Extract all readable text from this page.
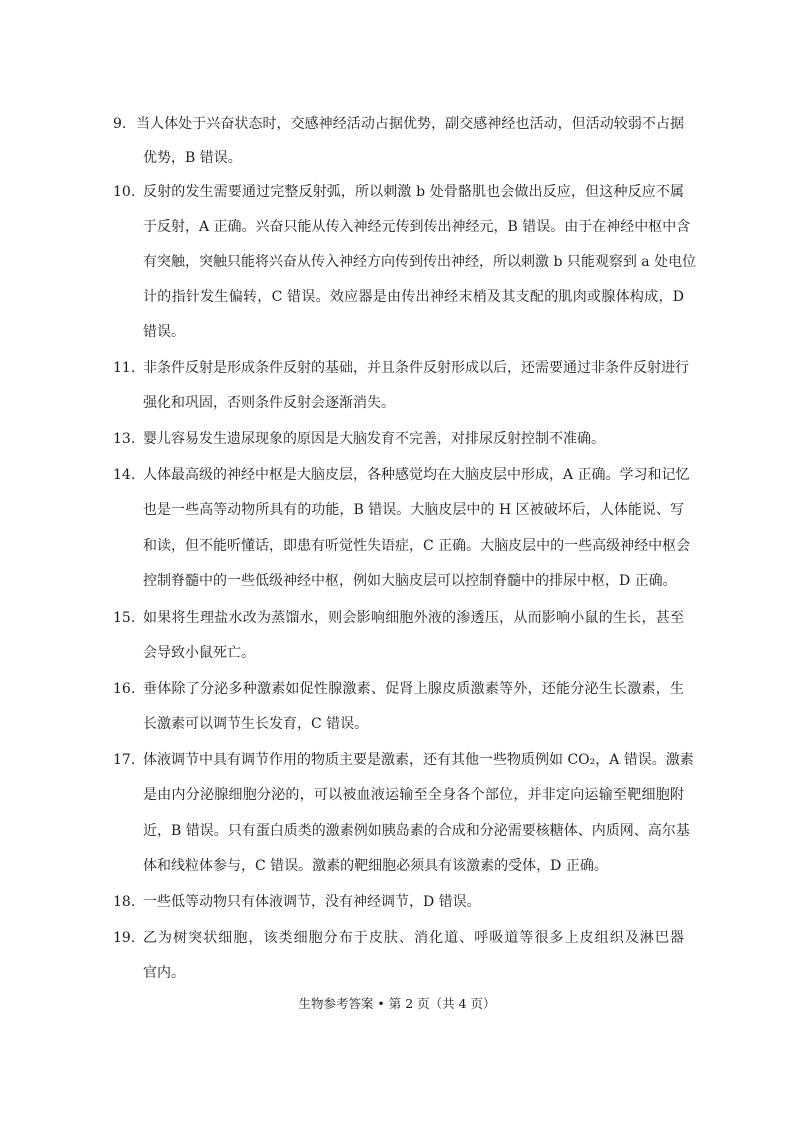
9. 当人体处于兴奋状态时，交感神经活动占据优势，副交感神经也活动，但活动较弱不占据
优势，B 错误。
10. 反射的发生需要通过完整反射弧，所以刺激 b 处骨骼肌也会做出反应，但这种反应不属
于反射，A 正确。兴奋只能从传入神经元传到传出神经元，B 错误。由于在神经中枢中含
有突触，突触只能将兴奋从传入神经方向传到传出神经，所以刺激 b 只能观察到 a 处电位
计的指针发生偏转，C 错误。效应器是由传出神经末梢及其支配的肌肉或腺体构成，D
错误。
11. 非条件反射是形成条件反射的基础，并且条件反射形成以后，还需要通过非条件反射进行
强化和巩固，否则条件反射会逐渐消失。
13. 婴儿容易发生遗尿现象的原因是大脑发育不完善，对排尿反射控制不准确。
14. 人体最高级的神经中枢是大脑皮层，各种感觉均在大脑皮层中形成，A 正确。学习和记忆
也是一些高等动物所具有的功能，B 错误。大脑皮层中的 H 区被破坏后，人体能说、写
和读，但不能听懂话，即患有听觉性失语症，C 正确。大脑皮层中的一些高级神经中枢会
控制脊髓中的一些低级神经中枢，例如大脑皮层可以控制脊髓中的排尿中枢，D 正确。
15. 如果将生理盐水改为蒸馏水，则会影响细胞外液的渗透压，从而影响小鼠的生长，甚至
会导致小鼠死亡。
16. 垂体除了分泌多种激素如促性腺激素、促肾上腺皮质激素等外，还能分泌生长激素，生
长激素可以调节生长发育，C 错误。
17. 体液调节中具有调节作用的物质主要是激素，还有其他一些物质例如 CO₂，A 错误。激素
是由内分泌腺细胞分泌的，可以被血液运输至全身各个部位，并非定向运输至靶细胞附
近，B 错误。只有蛋白质类的激素例如胰岛素的合成和分泌需要核糖体、内质网、高尔基
体和线粒体参与，C 错误。激素的靶细胞必须具有该激素的受体，D 正确。
18. 一些低等动物只有体液调节，没有神经调节，D 错误。
19. 乙为树突状细胞，该类细胞分布于皮肤、消化道、呼吸道等很多上皮组织及淋巴器
官内。
生物参考答案 • 第 2 页（共 4 页）
